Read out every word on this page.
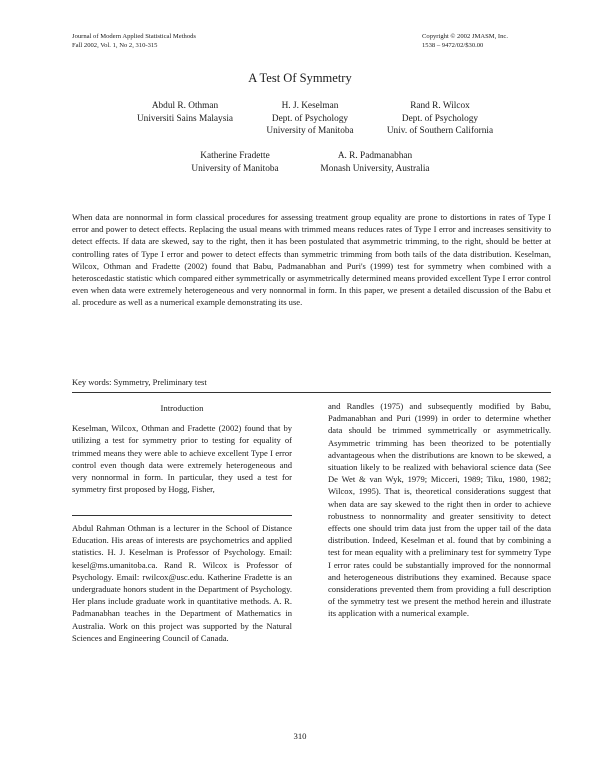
Journal of Modern Applied Statistical Methods
Fall 2002, Vol. 1, No 2, 310-315
Copyright © 2002 JMASM, Inc.
1538 – 9472/02/$30.00
A Test Of Symmetry
Abdul R. Othman
Universiti Sains Malaysia
H. J. Keselman
Dept. of Psychology
University of Manitoba
Rand R. Wilcox
Dept. of Psychology
Univ. of Southern California
Katherine Fradette
University of Manitoba
A. R. Padmanabhan
Monash University, Australia

When data are nonnormal in form classical procedures for assessing treatment group equality are prone to distortions in rates of Type I error and power to detect effects. Replacing the usual means with trimmed means reduces rates of Type I error and increases sensitivity to detect effects. If data are skewed, say to the right, then it has been postulated that asymmetric trimming, to the right, should be better at controlling rates of Type I error and power to detect effects than symmetric trimming from both tails of the data distribution. Keselman, Wilcox, Othman and Fradette (2002) found that Babu, Padmanabhan and Puri's (1999) test for symmetry when combined with a heteroscedastic statistic which compared either symmetrically or asymmetrically determined means provided excellent Type I error control even when data were extremely heterogeneous and very nonnormal in form. In this paper, we present a detailed discussion of the Babu et al. procedure as well as a numerical example demonstrating its use.

Key words: Symmetry, Preliminary test
Introduction

Keselman, Wilcox, Othman and Fradette (2002) found that by utilizing a test for symmetry prior to testing for equality of trimmed means they were able to achieve excellent Type I error control even though data were extremely heterogeneous and very nonnormal in form. In particular, they used a test for symmetry first proposed by Hogg, Fisher,

Abdul Rahman Othman is a lecturer in the School of Distance Education. His areas of interests are psychometrics and applied statistics. H. J. Keselman is Professor of Psychology. Email: kesel@ms.umanitoba.ca. Rand R. Wilcox is Professor of Psychology. Email: rwilcox@usc.edu. Katherine Fradette is an undergraduate honors student in the Department of Psychology. Her plans include graduate work in quantitative methods. A. R. Padmanabhan teaches in the Department of Mathematics in Australia. Work on this project was supported by the Natural Sciences and Engineering Council of Canada.

and Randles (1975) and subsequently modified by Babu, Padmanabhan and Puri (1999) in order to determine whether data should be trimmed symmetrically or asymmetrically. Asymmetric trimming has been theorized to be potentially advantageous when the distributions are known to be skewed, a situation likely to be realized with behavioral science data (See De Wet & van Wyk, 1979; Micceri, 1989; Tiku, 1980, 1982; Wilcox, 1995). That is, theoretical considerations suggest that when data are say skewed to the right then in order to achieve robustness to nonnormality and greater sensitivity to detect effects one should trim data just from the upper tail of the data distribution. Indeed, Keselman et al. found that by combining a test for mean equality with a preliminary test for symmetry Type I error rates could be substantially improved for the nonnormal and heterogeneous distributions they examined. Because space considerations prevented them from providing a full description of the symmetry test we present the method herein and illustrate its application with a numerical example.

310
